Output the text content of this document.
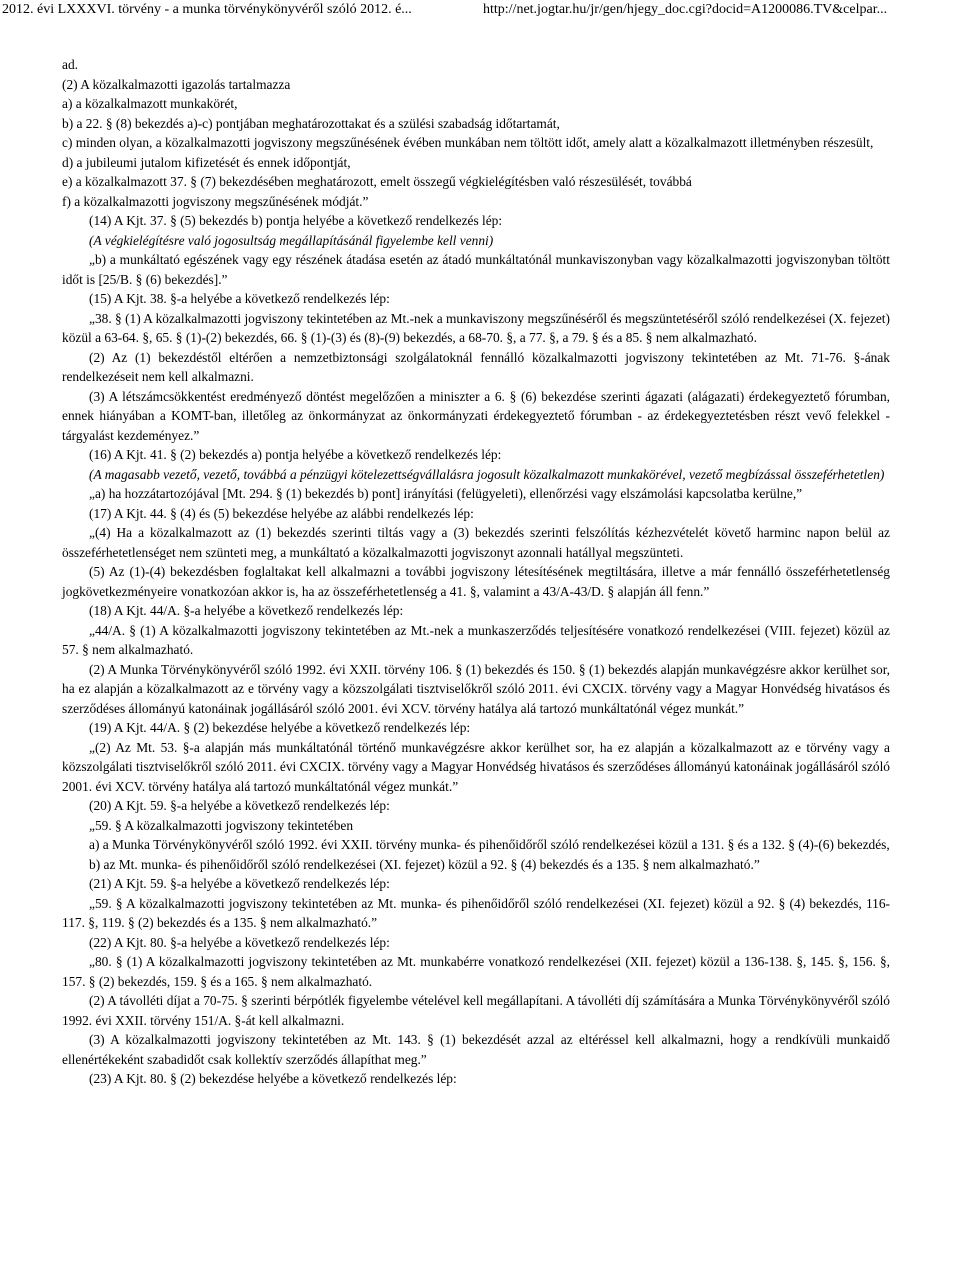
2012. évi LXXXVI. törvény - a munka törvénykönyvéről szóló 2012. é...	http://net.jogtar.hu/jr/gen/hjegy_doc.cgi?docid=A1200086.TV&celpar...

ad.

(2) A közalkalmazotti igazolás tartalmazza

a) a közalkalmazott munkakörét,

b) a 22. § (8) bekezdés a)-c) pontjában meghatározottakat és a szülési szabadság időtartamát,

c) minden olyan, a közalkalmazotti jogviszony megszűnésének évében munkában nem töltött időt, amely alatt a közalkalmazott illetményben részesült,

d) a jubileumi jutalom kifizetését és ennek időpontját,

e) a közalkalmazott 37. § (7) bekezdésében meghatározott, emelt összegű végkielégítésben való részesülését, továbbá

f) a közalkalmazotti jogviszony megszűnésének módját.”

(14) A Kjt. 37. § (5) bekezdés b) pontja helyébe a következő rendelkezés lép:

(A végkielégítésre való jogosultság megállapításánál figyelembe kell venni)

„b) a munkáltató egészének vagy egy részének átadása esetén az átadó munkáltatónál munkaviszonyban vagy közalkalmazotti jogviszonyban töltött időt is [25/B. § (6) bekezdés].”

(15) A Kjt. 38. §-a helyébe a következő rendelkezés lép:

„38. § (1) A közalkalmazotti jogviszony tekintetében az Mt.-nek a munkaviszony megszűnéséről és megszüntetéséről szóló rendelkezései (X. fejezet) közül a 63-64. §, 65. § (1)-(2) bekezdés, 66. § (1)-(3) és (8)-(9) bekezdés, a 68-70. §, a 77. §, a 79. § és a 85. § nem alkalmazható.

(2) Az (1) bekezdéstől eltérően a nemzetbiztonsági szolgálatoknál fennálló közalkalmazotti jogviszony tekintetében az Mt. 71-76. §-ának rendelkezéseit nem kell alkalmazni.

(3) A létszámcsökkentést eredményező döntést megelőzően a miniszter a 6. § (6) bekezdése szerinti ágazati (alágazati) érdekegyeztető fórumban, ennek hiányában a KOMT-ban, illetőleg az önkormányzat az önkormányzati érdekegyeztető fórumban - az érdekegyeztetésben részt vevő felekkel - tárgyalást kezdeményez.”

(16) A Kjt. 41. § (2) bekezdés a) pontja helyébe a következő rendelkezés lép:

(A magasabb vezető, vezető, továbbá a pénzügyi kötelezettségvállalásra jogosult közalkalmazott munkakörével, vezető megbízással összeférhetetlen)

„a) ha hozzátartozójával [Mt. 294. § (1) bekezdés b) pont] irányítási (felügyeleti), ellenőrzési vagy elszámolási kapcsolatba kerülne,”

(17) A Kjt. 44. § (4) és (5) bekezdése helyébe az alábbi rendelkezés lép:

„(4) Ha a közalkalmazott az (1) bekezdés szerinti tiltás vagy a (3) bekezdés szerinti felszólítás kézhezvételét követő harminc napon belül az összeférhetetlenséget nem szünteti meg, a munkáltató a közalkalmazotti jogviszonyt azonnali hatállyal megszünteti.

(5) Az (1)-(4) bekezdésben foglaltakat kell alkalmazni a további jogviszony létesítésének megtiltására, illetve a már fennálló összeférhetetlenség jogkövetkezményeire vonatkozóan akkor is, ha az összeférhetetlenség a 41. §, valamint a 43/A-43/D. § alapján áll fenn.”

(18) A Kjt. 44/A. §-a helyébe a következő rendelkezés lép:

„44/A. § (1) A közalkalmazotti jogviszony tekintetében az Mt.-nek a munkaszerződés teljesítésére vonatkozó rendelkezései (VIII. fejezet) közül az 57. § nem alkalmazható.

(2) A Munka Törvénykönyvéről szóló 1992. évi XXII. törvény 106. § (1) bekezdés és 150. § (1) bekezdés alapján munkavégzésre akkor kerülhet sor, ha ez alapján a közalkalmazott az e törvény vagy a közszolgálati tisztviselőkről szóló 2011. évi CXCIX. törvény vagy a Magyar Honvédség hivatásos és szerződéses állományú katonáinak jogállásáról szóló 2001. évi XCV. törvény hatálya alá tartozó munkáltatónál végez munkát.”

(19) A Kjt. 44/A. § (2) bekezdése helyébe a következő rendelkezés lép:

„(2) Az Mt. 53. §-a alapján más munkáltatónál történő munkavégzésre akkor kerülhet sor, ha ez alapján a közalkalmazott az e törvény vagy a közszolgálati tisztviselőkről szóló 2011. évi CXCIX. törvény vagy a Magyar Honvédség hivatásos és szerződéses állományú katonáinak jogállásáról szóló 2001. évi XCV. törvény hatálya alá tartozó munkáltatónál végez munkát.”

(20) A Kjt. 59. §-a helyébe a következő rendelkezés lép:

„59. § A közalkalmazotti jogviszony tekintetében

a) a Munka Törvénykönyvéről szóló 1992. évi XXII. törvény munka- és pihenőidőről szóló rendelkezései közül a 131. § és a 132. § (4)-(6) bekezdés,

b) az Mt. munka- és pihenőidőről szóló rendelkezései (XI. fejezet) közül a 92. § (4) bekezdés és a 135. § nem alkalmazható.”

(21) A Kjt. 59. §-a helyébe a következő rendelkezés lép:

„59. § A közalkalmazotti jogviszony tekintetében az Mt. munka- és pihenőidőről szóló rendelkezései (XI. fejezet) közül a 92. § (4) bekezdés, 116-117. §, 119. § (2) bekezdés és a 135. § nem alkalmazható.”

(22) A Kjt. 80. §-a helyébe a következő rendelkezés lép:

„80. § (1) A közalkalmazotti jogviszony tekintetében az Mt. munkabérre vonatkozó rendelkezései (XII. fejezet) közül a 136-138. §, 145. §, 156. §, 157. § (2) bekezdés, 159. § és a 165. § nem alkalmazható.

(2) A távolléti díjat a 70-75. § szerinti bérpótlék figyelembe vételével kell megállapítani. A távolléti díj számítására a Munka Törvénykönyvéről szóló 1992. évi XXII. törvény 151/A. §-át kell alkalmazni.

(3) A közalkalmazotti jogviszony tekintetében az Mt. 143. § (1) bekezdését azzal az eltéréssel kell alkalmazni, hogy a rendkívüli munkaidő ellenértékeként szabadidőt csak kollektív szerződés állapíthat meg.”

(23) A Kjt. 80. § (2) bekezdése helyébe a következő rendelkezés lép:
